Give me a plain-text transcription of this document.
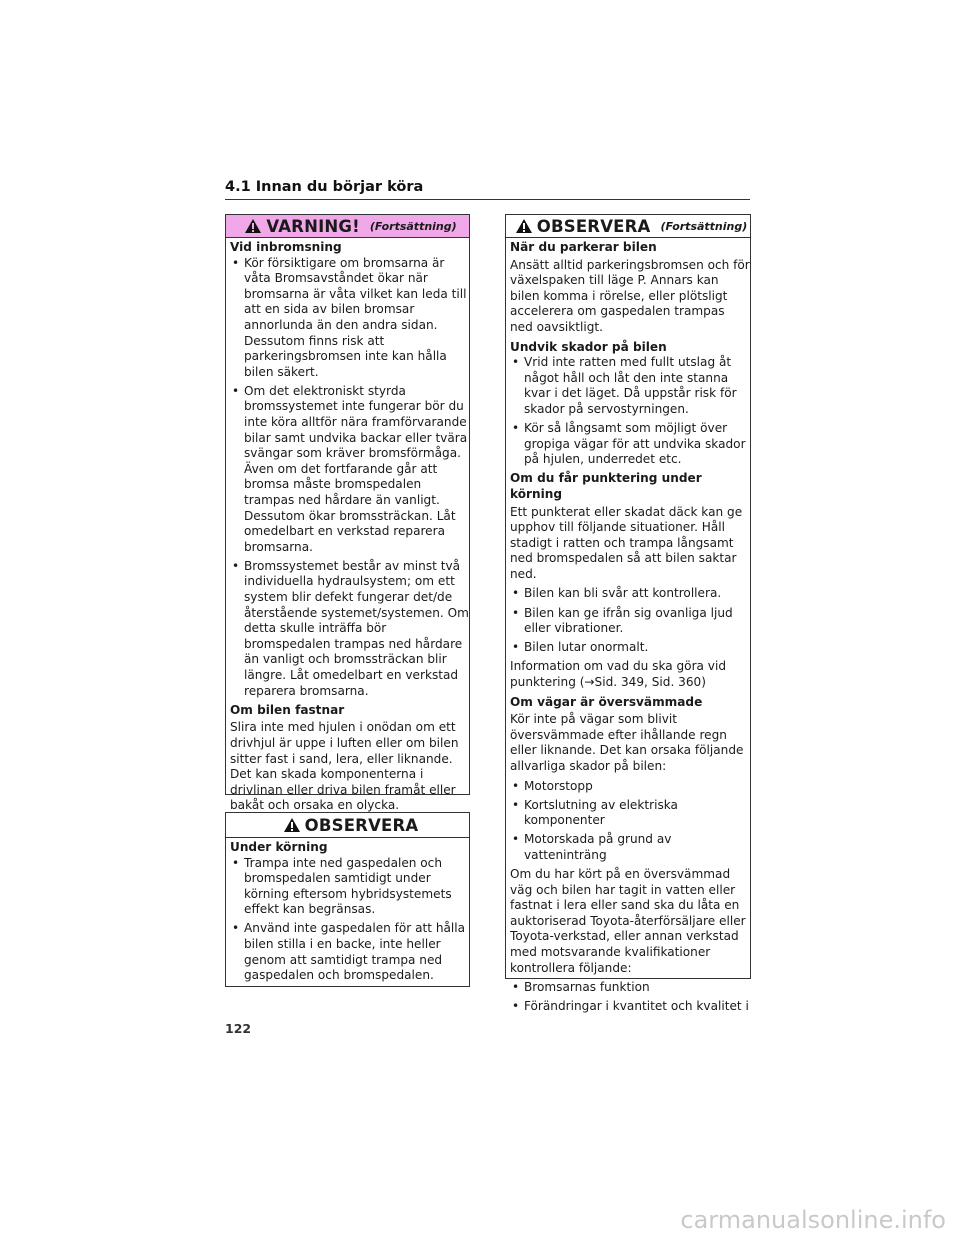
4.1 Innan du börjar köra
VARNING! (Fortsättning)

Vid inbromsning

• Kör försiktigare om bromsarna är våta Bromsavståndet ökar när bromsarna är våta vilket kan leda till att en sida av bilen bromsar annorlunda än den andra sidan. Dessutom finns risk att parkeringsbromsen inte kan hålla bilen säkert.
• Om det elektroniskt styrda bromssystemet inte fungerar bör du inte köra alltför nära framförvarande bilar samt undvika backar eller tvära svängar som kräver bromsförmåga. Även om det fortfarande går att bromsa måste bromspedalen trampas ned hårdare än vanligt. Dessutom ökar bromssträckan. Låt omedelbart en verkstad reparera bromsarna.
• Bromssystemet består av minst två individuella hydraulsystem; om ett system blir defekt fungerar det/de återstående systemet/systemen. Om detta skulle inträffa bör bromspedalen trampas ned hårdare än vanligt och bromssträckan blir längre. Låt omedelbart en verkstad reparera bromsarna.

Om bilen fastnar

Slira inte med hjulen i onödan om ett drivhjul är uppe i luften eller om bilen sitter fast i sand, lera, eller liknande. Det kan skada komponenterna i drivlinan eller driva bilen framåt eller bakåt och orsaka en olycka.

OBSERVERA

Under körning

• Trampa inte ned gaspedalen och bromspedalen samtidigt under körning eftersom hybridsystemets effekt kan begränsas.
• Använd inte gaspedalen för att hålla bilen stilla i en backe, inte heller genom att samtidigt trampa ned gaspedalen och bromspedalen.
OBSERVERA (Fortsättning)

När du parkerar bilen

Ansätt alltid parkeringsbromsen och för växelspaken till läge P. Annars kan bilen komma i rörelse, eller plötsligt accelerera om gaspedalen trampas ned oavsiktligt.

Undvik skador på bilen

• Vrid inte ratten med fullt utslag åt något håll och låt den inte stanna kvar i det läget. Då uppstår risk för skador på servostyrningen.
• Kör så långsamt som möjligt över gropiga vägar för att undvika skador på hjulen, underredet etc.

Om du får punktering under körning

Ett punkterat eller skadat däck kan ge upphov till följande situationer. Håll stadigt i ratten och trampa långsamt ned bromspedalen så att bilen saktar ned.

• Bilen kan bli svår att kontrollera.
• Bilen kan ge ifrån sig ovanliga ljud eller vibrationer.
• Bilen lutar onormalt.

Information om vad du ska göra vid punktering (→Sid. 349, Sid. 360)

Om vägar är översvämmade

Kör inte på vägar som blivit översvämmade efter ihållande regn eller liknande. Det kan orsaka följande allvarliga skador på bilen:

• Motorstopp
• Kortslutning av elektriska komponenter
• Motorskada på grund av vatteninträng

Om du har kört på en översvämmad väg och bilen har tagit in vatten eller fastnat i lera eller sand ska du låta en auktoriserad Toyota-återförsäljare eller Toyota-verkstad, eller annan verkstad med motsvarande kvalifikationer kontrollera följande:

• Bromsarnas funktion
• Förändringar i kvantitet och kvalitet i
122
carmanualsonline.info
